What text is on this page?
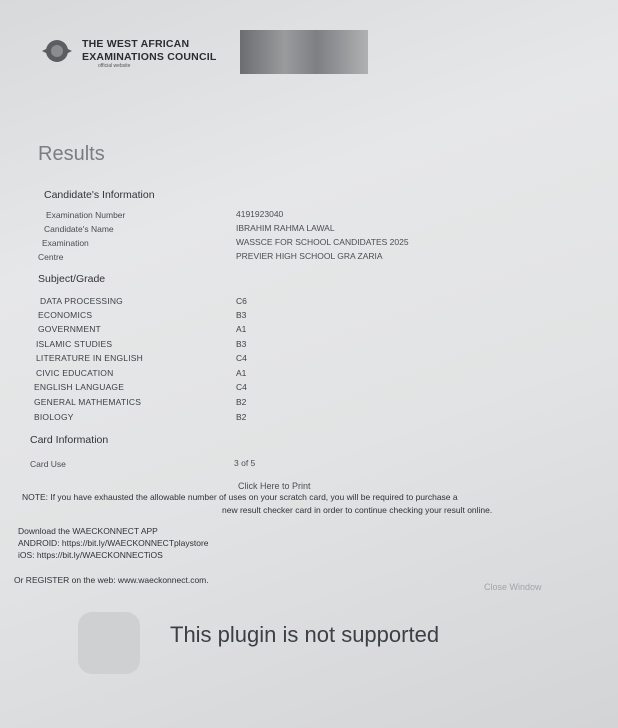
THE WEST AFRICAN
EXAMINATIONS COUNCIL
official website
Results
Candidate's Information
Examination Number	4191923040
Candidate's Name	IBRAHIM RAHMA LAWAL
Examination	WASSCE FOR SCHOOL CANDIDATES 2025
Centre	PREVIER HIGH SCHOOL GRA ZARIA
Subject/Grade
DATA PROCESSING	C6
ECONOMICS	B3
GOVERNMENT	A1
ISLAMIC STUDIES	B3
LITERATURE IN ENGLISH	C4
CIVIC EDUCATION	A1
ENGLISH LANGUAGE	C4
GENERAL MATHEMATICS	B2
BIOLOGY	B2
Card Information
Card Use	3 of 5
Click Here to Print
NOTE: If you have exhausted the allowable number of uses on your scratch card, you will be required to purchase a
new result checker card in order to continue checking your result online.
Download the WAECKONNECT APP
ANDROID: https://bit.ly/WAECKONNECTplaystore
iOS: https://bit.ly/WAECKONNECTiOS
Or REGISTER on the web: www.waeckonnect.com.
Close Window
This plugin is not supported
